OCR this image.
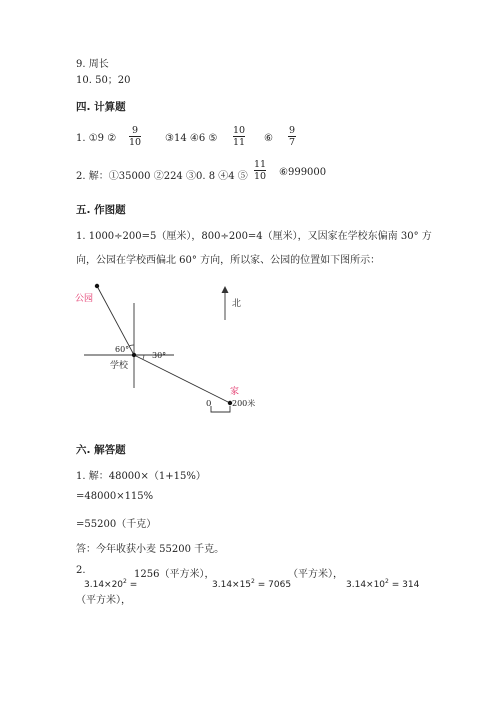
9. 周长
10. 50；20
四. 计算题
1. ①9 ②
9
10 ③14 ④6 ⑤
10
11 ⑥
9
7
2. 解：①35000 ②224 ③0. 8 ④4 ⑤
11
10 ⑥999000
五. 作图题
1. 1000÷200=5（厘米），800÷200=4（厘米），又因家在学校东偏南 30° 方
向，公园在学校西偏北 60° 方向，所以家、公园的位置如下图所示：
公园
学校
家
北
60°
30°
0	200米
六. 解答题
1. 解：48000×（1+15%）
=48000×115%
=55200（千克）
答：今年收获小麦 55200 千克。
2.	1256（平方米），	（平方米），
$3.14\times 20^2$ =	$3.14\times 15^2 = 7065$	$3.14\times 10^2 = 314$
（平方米），
